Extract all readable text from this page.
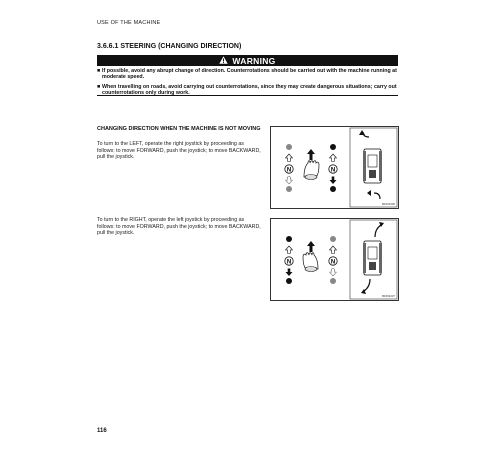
USE OF THE MACHINE
3.6.6.1 STEERING (CHANGING DIRECTION)
WARNING
■ If possible, avoid any abrupt change of direction. Counterrotations should be carried out with the machine running at moderate speed.
■ When travelling on roads, avoid carrying out counterrotations, since they may create dangerous situations; carry out counterrotations only during work.
CHANGING DIRECTION WHEN THE MACHINE IS NOT MOVING
To turn to the LEFT, operate the right joystick by proceeding as follows: to move FORWARD, push the joystick; to move BACKWARD, pull the joystick.
To turn to the RIGHT, operate the left joystick by proceeding as follows: to move FORWARD, push the joystick; to move BACKWARD, pull the joystick.
N	N
BF451036
N	N
BF451037
116
